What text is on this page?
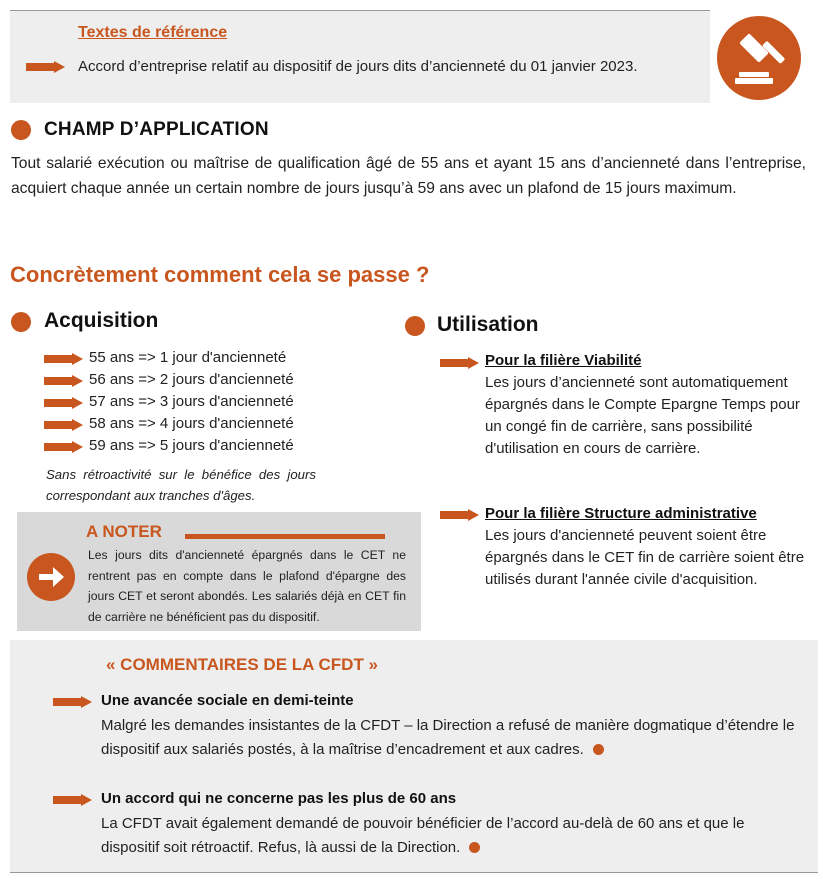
Textes de référence
Accord d’entreprise relatif au dispositif de jours dits d’ancienneté du 01 janvier 2023.
CHAMP D’APPLICATION
Tout salarié exécution ou maîtrise de qualification âgé de 55 ans et ayant 15 ans d’ancienneté dans l’entreprise, acquiert chaque année un certain nombre de jours jusqu’à 59 ans avec un plafond de 15 jours maximum.
Concrètement comment cela se passe ?
Acquisition
55 ans => 1 jour d'ancienneté
56 ans => 2 jours d'ancienneté
57 ans => 3 jours d'ancienneté
58 ans => 4 jours d'ancienneté
59 ans => 5 jours d'ancienneté
Sans rétroactivité sur le bénéfice des jours correspondant aux tranches d'âges.
A NOTER
Les jours dits d'ancienneté épargnés dans le CET ne rentrent pas en compte dans le plafond d'épargne des jours CET et seront abondés. Les salariés déjà en CET fin de carrière ne bénéficient pas du dispositif.
Utilisation
Pour la filière Viabilité
Les jours d’ancienneté sont automatiquement épargnés dans le Compte Epargne Temps pour un congé fin de carrière, sans possibilité d'utilisation en cours de carrière.
Pour la filière Structure administrative
Les jours d'ancienneté peuvent soient être épargnés dans le CET fin de carrière soient être utilisés durant l'année civile d'acquisition.
« COMMENTAIRES DE LA CFDT »
Une avancée sociale en demi-teinte
Malgré les demandes insistantes de la CFDT – la Direction a refusé de manière dogmatique d’étendre le dispositif aux salariés postés, à la maîtrise d’encadrement et aux cadres.
Un accord qui ne concerne pas les plus de 60 ans
La CFDT avait également demandé de pouvoir bénéficier de l’accord au-delà de 60 ans et que le dispositif soit rétroactif. Refus, là aussi de la Direction.
